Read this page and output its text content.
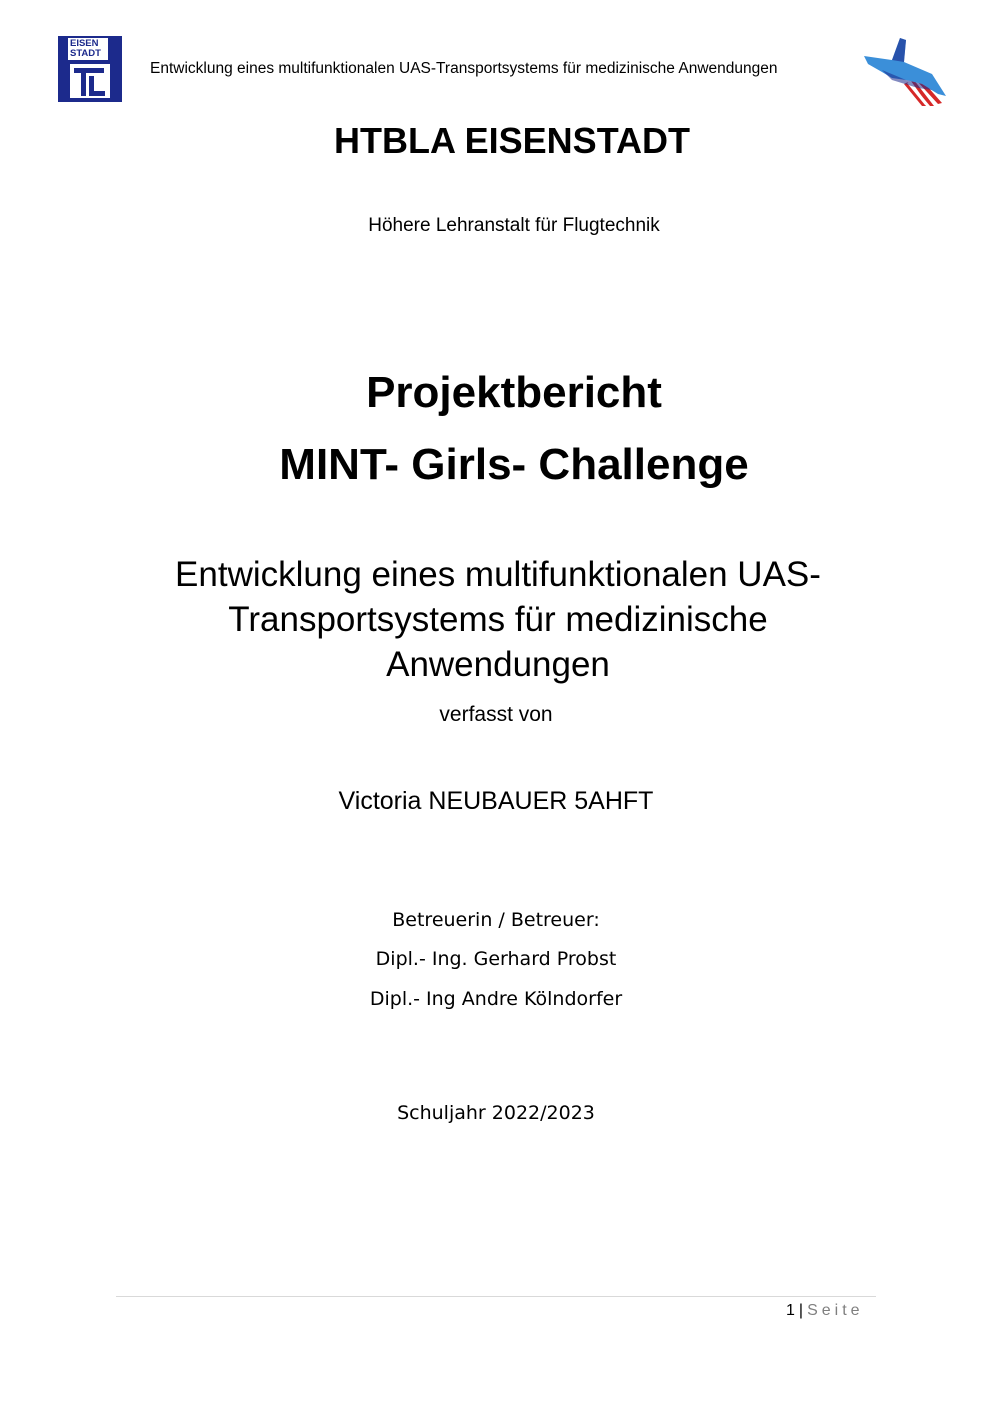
EISEN
STADT
Entwicklung eines multifunktionalen UAS-Transportsystems für medizinische Anwendungen
HTBLA EISENSTADT
Höhere Lehranstalt für Flugtechnik
Projektbericht
MINT- Girls- Challenge
Entwicklung eines multifunktionalen UAS-Transportsystems für medizinische Anwendungen
verfasst von
Victoria NEUBAUER 5AHFT
Betreuerin / Betreuer:
Dipl.- Ing. Gerhard Probst
Dipl.- Ing Andre Kölndorfer
Schuljahr 2022/2023
1 | Seite
